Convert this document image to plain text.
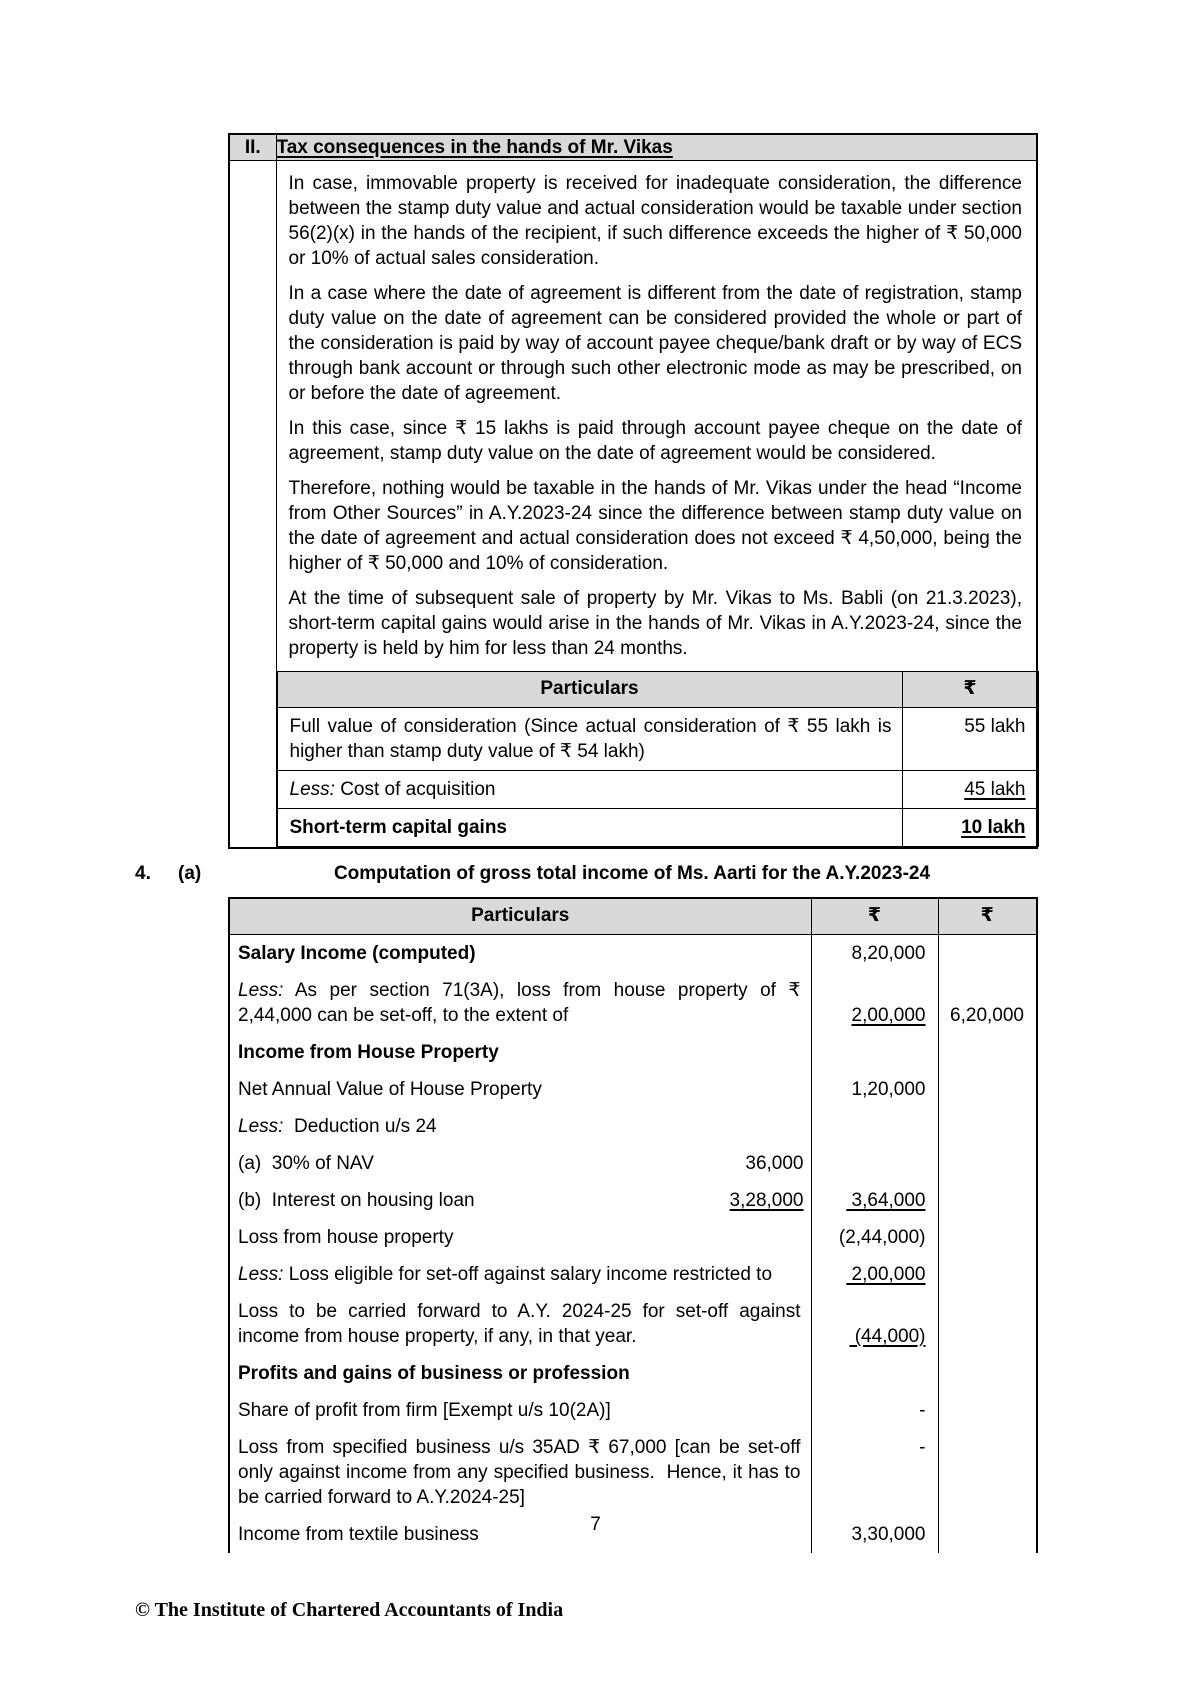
II.	Tax consequences in the hands of Mr. Vikas

In case, immovable property is received for inadequate consideration, the difference between the stamp duty value and actual consideration would be taxable under section 56(2)(x) in the hands of the recipient, if such difference exceeds the higher of ₹ 50,000 or 10% of actual sales consideration.
In a case where the date of agreement is different from the date of registration, stamp duty value on the date of agreement can be considered provided the whole or part of the consideration is paid by way of account payee cheque/bank draft or by way of ECS through bank account or through such other electronic mode as may be prescribed, on or before the date of agreement.
In this case, since ₹ 15 lakhs is paid through account payee cheque on the date of agreement, stamp duty value on the date of agreement would be considered.
Therefore, nothing would be taxable in the hands of Mr. Vikas under the head “Income from Other Sources” in A.Y.2023-24 since the difference between stamp duty value on the date of agreement and actual consideration does not exceed ₹ 4,50,000, being the higher of ₹ 50,000 and 10% of consideration.
At the time of subsequent sale of property by Mr. Vikas to Ms. Babli (on 21.3.2023), short-term capital gains would arise in the hands of Mr. Vikas in A.Y.2023-24, since the property is held by him for less than 24 months.
Particulars	₹
Full value of consideration (Since actual consideration of ₹ 55 lakh is higher than stamp duty value of ₹ 54 lakh)	55 lakh
Less: Cost of acquisition	45 lakh
Short-term capital gains	10 lakh
4. (a)	Computation of gross total income of Ms. Aarti for the A.Y.2023-24
Particulars	₹	₹
Salary Income (computed)	8,20,000	
Less: As per section 71(3A), loss from house property of ₹ 2,44,000 can be set-off, to the extent of	2,00,000	6,20,000
Income from House Property		
Net Annual Value of House Property	1,20,000	
Less:  Deduction u/s 24		

(a)  30% of NAV 36,000		

(b)  Interest on housing loan 3,28,000	3,64,000	
Loss from house property	(2,44,000)	
Less: Loss eligible for set-off against salary income restricted to	2,00,000	
Loss to be carried forward to A.Y. 2024-25 for set-off against income from house property, if any, in that year.	(44,000)	
Profits and gains of business or profession		
Share of profit from firm [Exempt u/s 10(2A)]	-	
Loss from specified business u/s 35AD ₹ 67,000 [can be set-off only against income from any specified business.  Hence, it has to be carried forward to A.Y.2024-25]	-	
Income from textile business	3,30,000	
7
© The Institute of Chartered Accountants of India
